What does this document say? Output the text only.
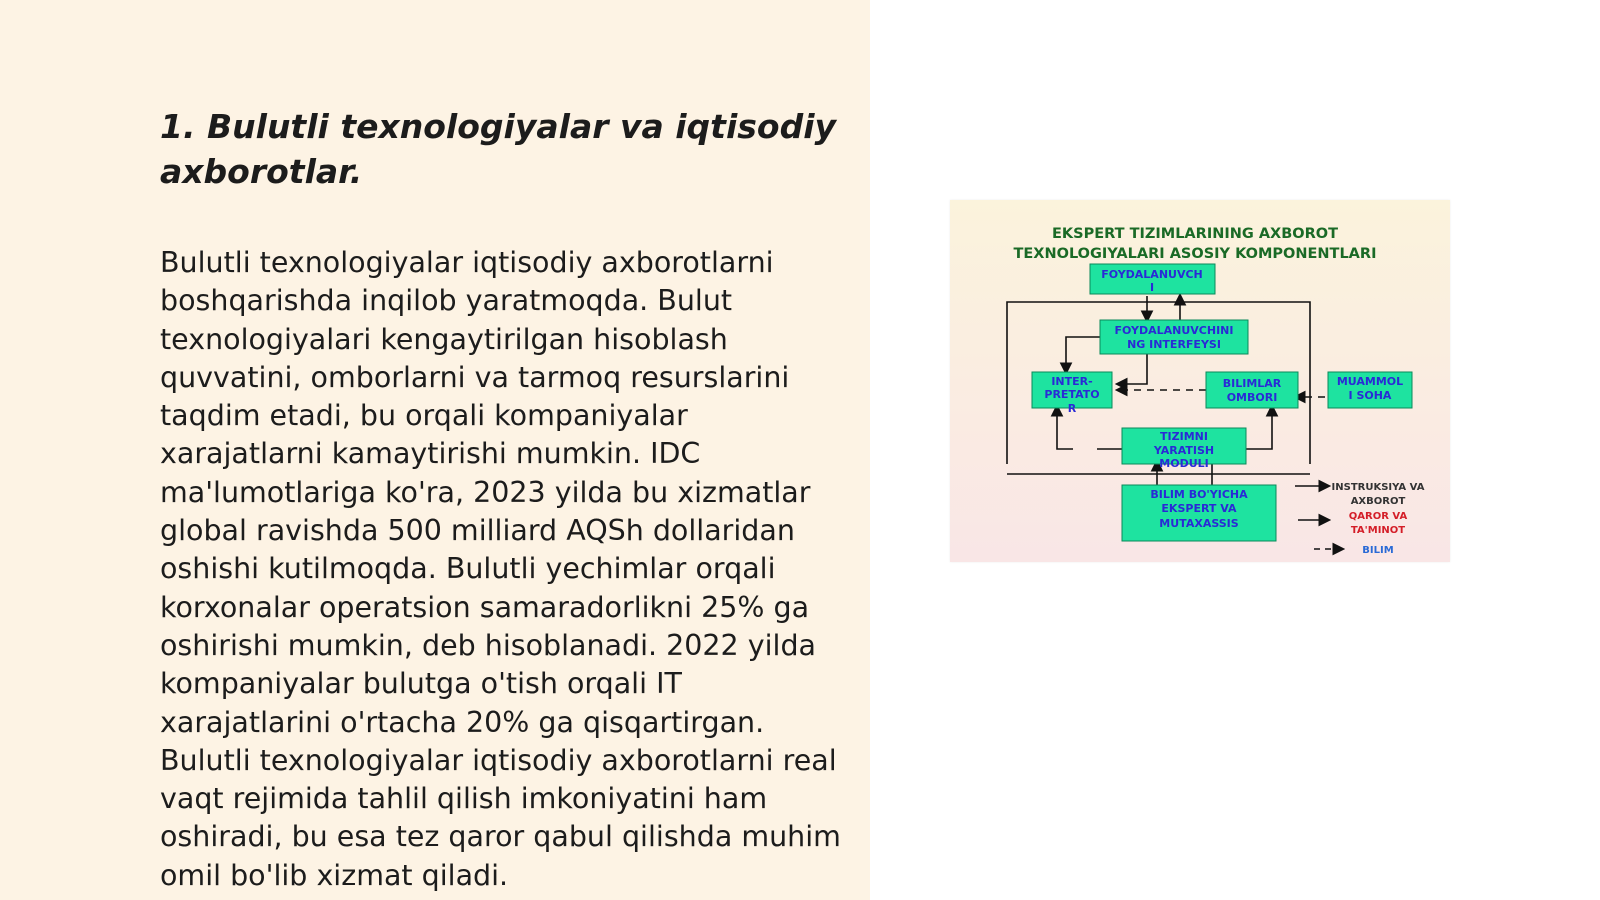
1. Bulutli texnologiyalar va iqtisodiy axborotlar.

Bulutli texnologiyalar iqtisodiy axborotlarni boshqarishda inqilob yaratmoqda. Bulut texnologiyalari kengaytirilgan hisoblash quvvatini, omborlarni va tarmoq resurslarini taqdim etadi, bu orqali kompaniyalar xarajatlarni kamaytirishi mumkin. IDC ma'lumotlariga ko'ra, 2023 yilda bu xizmatlar global ravishda 500 milliard AQSh dollaridan oshishi kutilmoqda. Bulutli yechimlar orqali korxonalar operatsion samaradorlikni 25% ga oshirishi mumkin, deb hisoblanadi. 2022 yilda kompaniyalar bulutga o'tish orqali IT xarajatlarini o'rtacha 20% ga qisqartirgan. Bulutli texnologiyalar iqtisodiy axborotlarni real vaqt rejimida tahlil qilish imkoniyatini ham oshiradi, bu esa tez qaror qabul qilishda muhim omil bo'lib xizmat qiladi.

EKSPERT TIZIMLARINING AXBOROT
TEXNOLOGIYALARI ASOSIY KOMPONENTLARI
FOYDALANUVCH
I
FOYDALANUVCHINI
NG INTERFEYSI
INTER-
PRETATO
R
BILIMLAR
OMBORI
MUAMMOL
I SOHA
TIZIMNI
YARATISH
MODULI
BILIM BO'YICHA
EKSPERT VA
MUTAXASSIS
INSTRUKSIYA VA
AXBOROT
QAROR VA
TA'MINOT
BILIM
